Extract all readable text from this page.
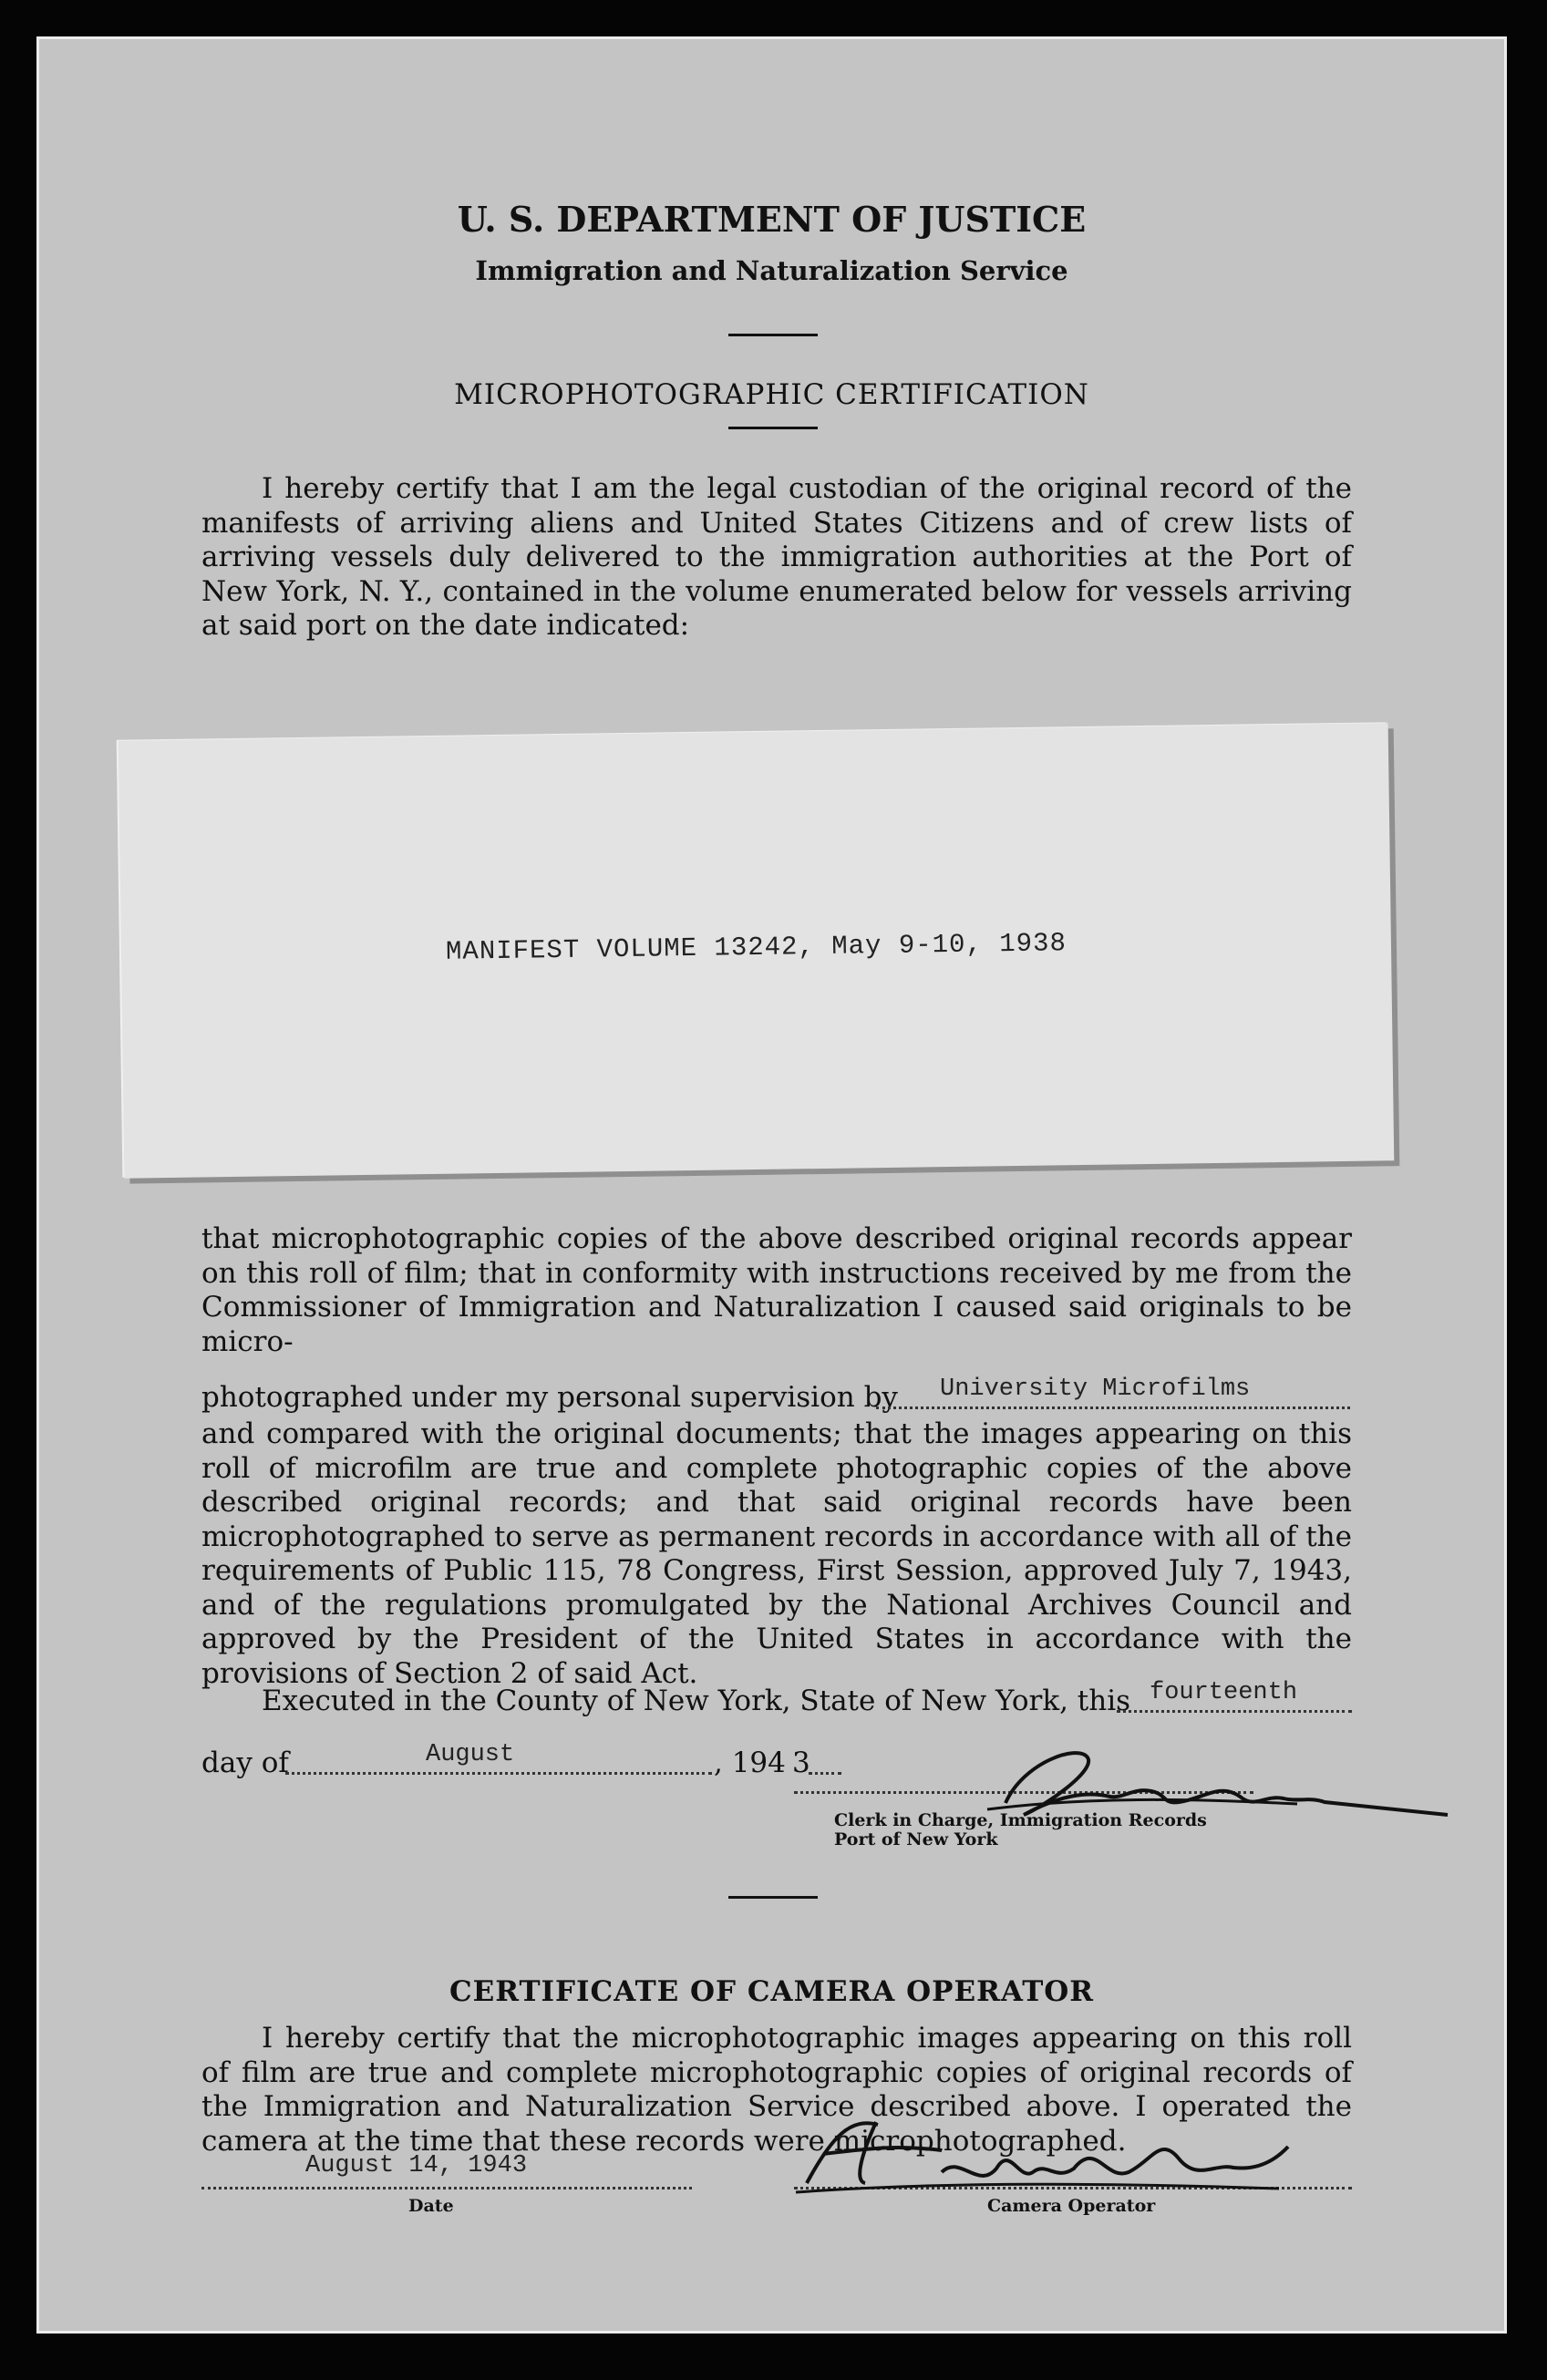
U. S. DEPARTMENT OF JUSTICE
Immigration and Naturalization Service
MICROPHOTOGRAPHIC CERTIFICATION
I hereby certify that I am the legal custodian of the original record of the manifests of arriving aliens and United States Citizens and of crew lists of arriving vessels duly delivered to the immigration authorities at the Port of New York, N. Y., contained in the volume enumerated below for vessels arriving at said port on the date indicated:
MANIFEST VOLUME 13242, May 9-10, 1938
that microphotographic copies of the above described original records appear on this roll of film; that in conformity with instructions received by me from the Commissioner of Immigration and Naturalization I caused said originals to be micro-
photographed under my personal supervision by University Microfilms
and compared with the original documents; that the images appearing on this roll of microfilm are true and complete photographic copies of the above described original records; and that said original records have been microphotographed to serve as permanent records in accordance with all of the requirements of Public 115, 78 Congress, First Session, approved July 7, 1943, and of the regulations promulgated by the National Archives Council and approved by the President of the United States in accordance with the provisions of Section 2 of said Act.
Executed in the County of New York, State of New York, this fourteenth
day of	August	, 194 3
Clerk in Charge, Immigration Records
Port of New York
CERTIFICATE OF CAMERA OPERATOR
I hereby certify that the microphotographic images appearing on this roll of film are true and complete microphotographic copies of original records of the Immigration and Naturalization Service described above. I operated the camera at the time that these records were microphotographed.
August 14, 1943
Date	Camera Operator
